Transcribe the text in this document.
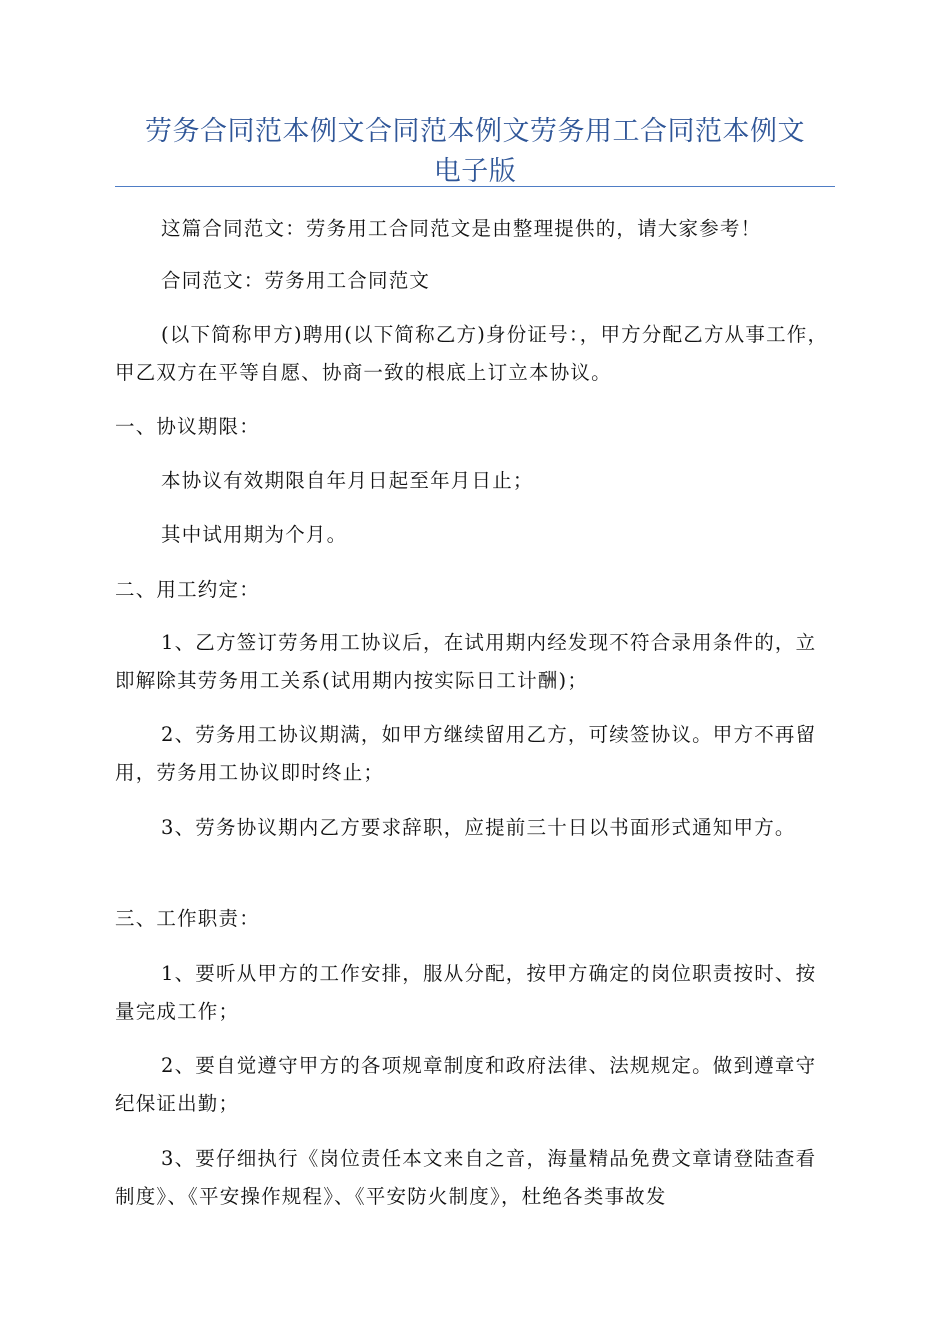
劳务合同范本例文合同范本例文劳务用工合同范本例文
电子版

这篇合同范文：劳务用工合同范文是由整理提供的，请大家参考！

合同范文：劳务用工合同范文

(以下简称甲方)聘用(以下简称乙方)身份证号：，甲方分配乙方从事工作，甲乙双方在平等自愿、协商一致的根底上订立本协议。

一、协议期限：

本协议有效期限自年月日起至年月日止；

其中试用期为个月。

二、用工约定：

1、乙方签订劳务用工协议后，在试用期内经发现不符合录用条件的，立即解除其劳务用工关系(试用期内按实际日工计酬)；

2、劳务用工协议期满，如甲方继续留用乙方，可续签协议。甲方不再留用，劳务用工协议即时终止；

3、劳务协议期内乙方要求辞职，应提前三十日以书面形式通知甲方。

三、工作职责：

1、要听从甲方的工作安排，服从分配，按甲方确定的岗位职责按时、按量完成工作；

2、要自觉遵守甲方的各项规章制度和政府法律、法规规定。做到遵章守纪保证出勤；

3、要仔细执行《岗位责任本文来自之音，海量精品免费文章请登陆查看制度》、《平安操作规程》、《平安防火制度》，杜绝各类事故发
